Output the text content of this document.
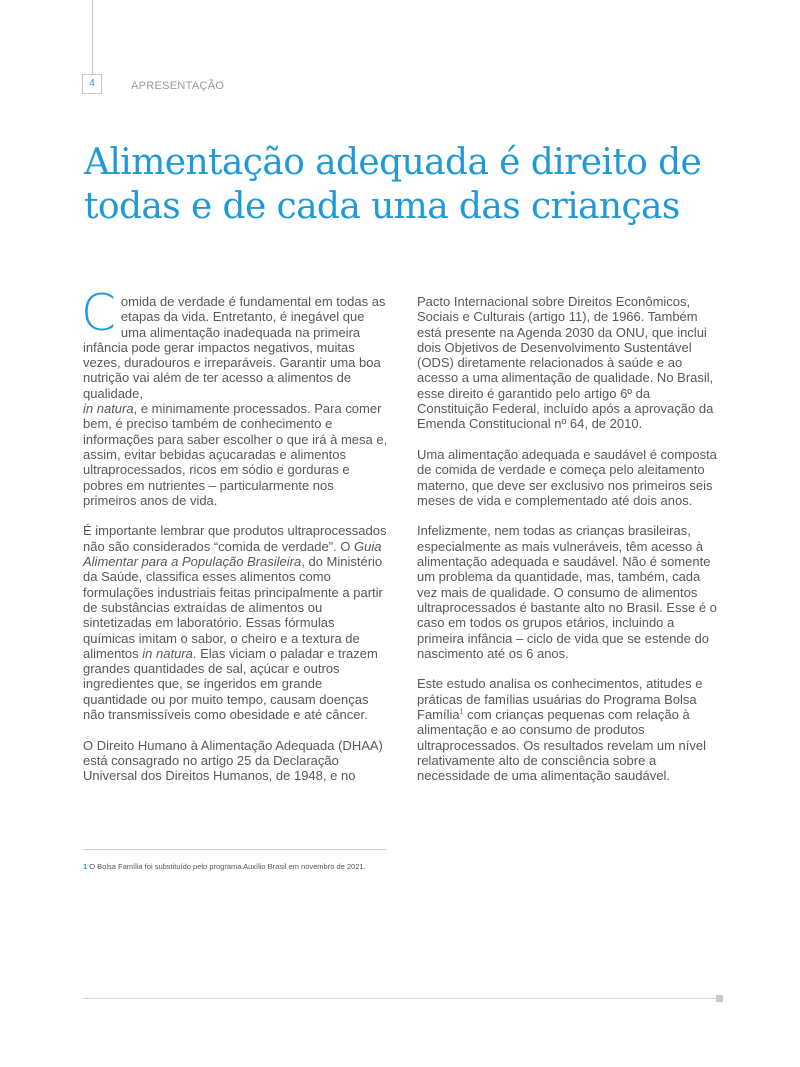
4	APRESENTAÇÃO
Alimentação adequada é direito de
todas e de cada uma das crianças

Comida de verdade é fundamental em todas as etapas da vida. Entretanto, é inegável que uma alimentação inadequada na primeira infância pode gerar impactos negativos, muitas vezes, duradouros e irreparáveis. Garantir uma boa nutrição vai além de ter acesso a alimentos de qualidade,
in natura, e minimamente processados. Para comer bem, é preciso também de conhecimento e informações para saber escolher o que irá à mesa e, assim, evitar bebidas açucaradas e alimentos ultraprocessados, ricos em sódio e gorduras e pobres em nutrientes – particularmente nos primeiros anos de vida.

É importante lembrar que produtos ultraprocessados não são considerados “comida de verdade”. O Guia Alimentar para a População Brasileira, do Ministério da Saúde, classifica esses alimentos como formulações industriais feitas principalmente a partir de substâncias extraídas de alimentos ou sintetizadas em laboratório. Essas fórmulas químicas imitam o sabor, o cheiro e a textura de alimentos in natura. Elas viciam o paladar e trazem grandes quantidades de sal, açúcar e outros ingredientes que, se ingeridos em grande quantidade ou por muito tempo, causam doenças não transmissíveis como obesidade e até câncer.

O Direito Humano à Alimentação Adequada (DHAA) está consagrado no artigo 25 da Declaração Universal dos Direitos Humanos, de 1948, e no

Pacto Internacional sobre Direitos Econômicos, Sociais e Culturais (artigo 11), de 1966. Também está presente na Agenda 2030 da ONU, que inclui dois Objetivos de Desenvolvimento Sustentável (ODS) diretamente relacionados à saúde e ao acesso a uma alimentação de qualidade. No Brasil, esse direito é garantido pelo artigo 6º da Constituição Federal, incluído após a aprovação da Emenda Constitucional nº 64, de 2010.

Uma alimentação adequada e saudável é composta de comida de verdade e começa pelo aleitamento materno, que deve ser exclusivo nos primeiros seis meses de vida e complementado até dois anos.

Infelizmente, nem todas as crianças brasileiras, especialmente as mais vulneráveis, têm acesso à alimentação adequada e saudável. Não é somente um problema da quantidade, mas, também, cada vez mais de qualidade. O consumo de alimentos ultraprocessados é bastante alto no Brasil. Esse é o caso em todos os grupos etários, incluindo a primeira infância – ciclo de vida que se estende do nascimento até os 6 anos.

Este estudo analisa os conhecimentos, atitudes e práticas de famílias usuárias do Programa Bolsa Família$^1$ com crianças pequenas com relação à alimentação e ao consumo de produtos ultraprocessados. Os resultados revelam um nível relativamente alto de consciência sobre a necessidade de uma alimentação saudável.

1 O Bolsa Família foi substituído pelo programa Auxílio Brasil em novembro de 2021.
